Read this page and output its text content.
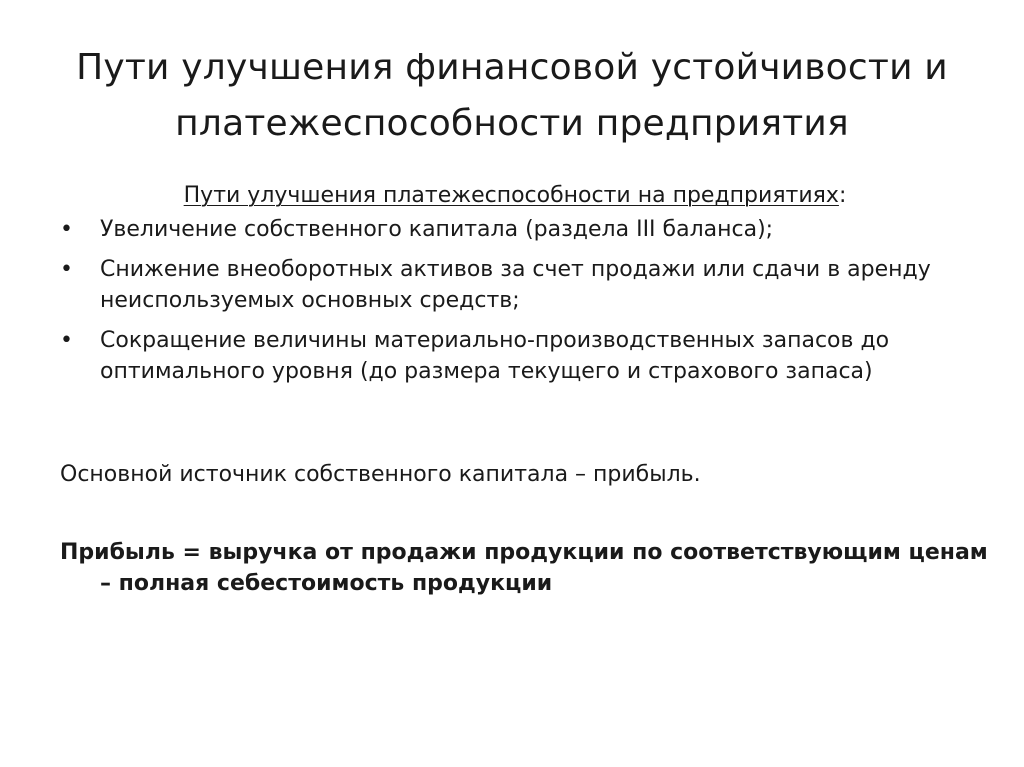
Пути улучшения финансовой устойчивости и
платежеспособности предприятия
Пути улучшения платежеспособности на предприятиях:
•	Увеличение собственного капитала (раздела III баланса);
•	Снижение внеоборотных активов за счет продажи или сдачи в аренду неиспользуемых основных средств;
•	Сокращение величины материально-производственных запасов до оптимального уровня (до размера текущего и страхового запаса)
Основной источник собственного капитала – прибыль.
Прибыль = выручка от продажи продукции по соответствующим ценам – полная себестоимость продукции
